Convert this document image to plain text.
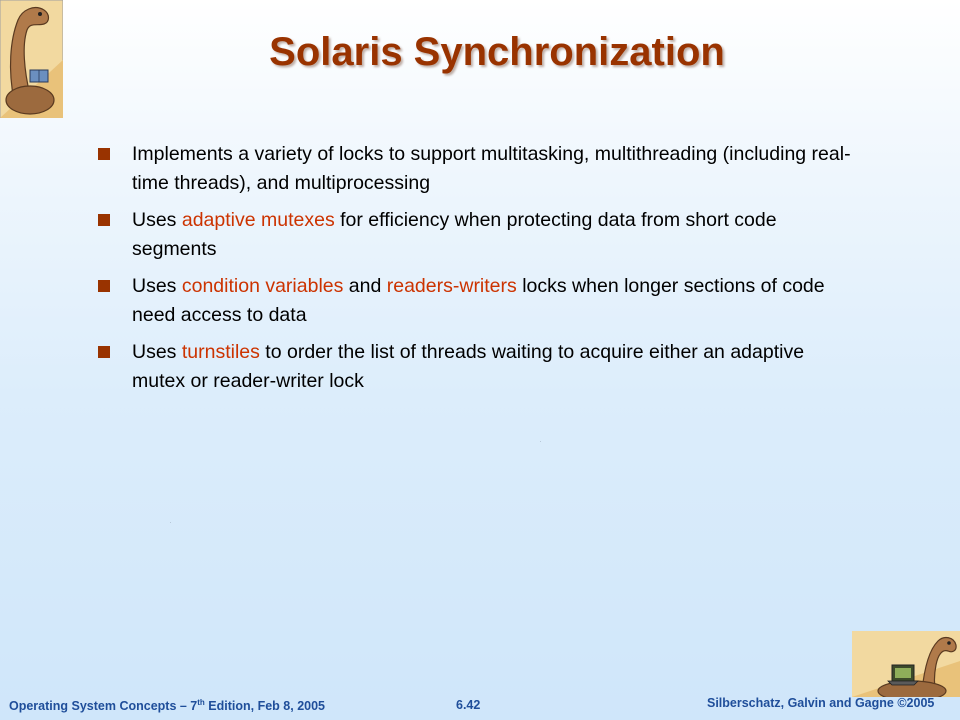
Solaris Synchronization
Implements a variety of locks to support multitasking, multithreading (including real-time threads), and multiprocessing
Uses adaptive mutexes for efficiency when protecting data from short code segments
Uses condition variables and readers-writers locks when longer sections of code need access to data
Uses turnstiles to order the list of threads waiting to acquire either an adaptive mutex or reader-writer lock
Operating System Concepts – 7th Edition, Feb 8, 2005	6.42	Silberschatz, Galvin and Gagne ©2005
